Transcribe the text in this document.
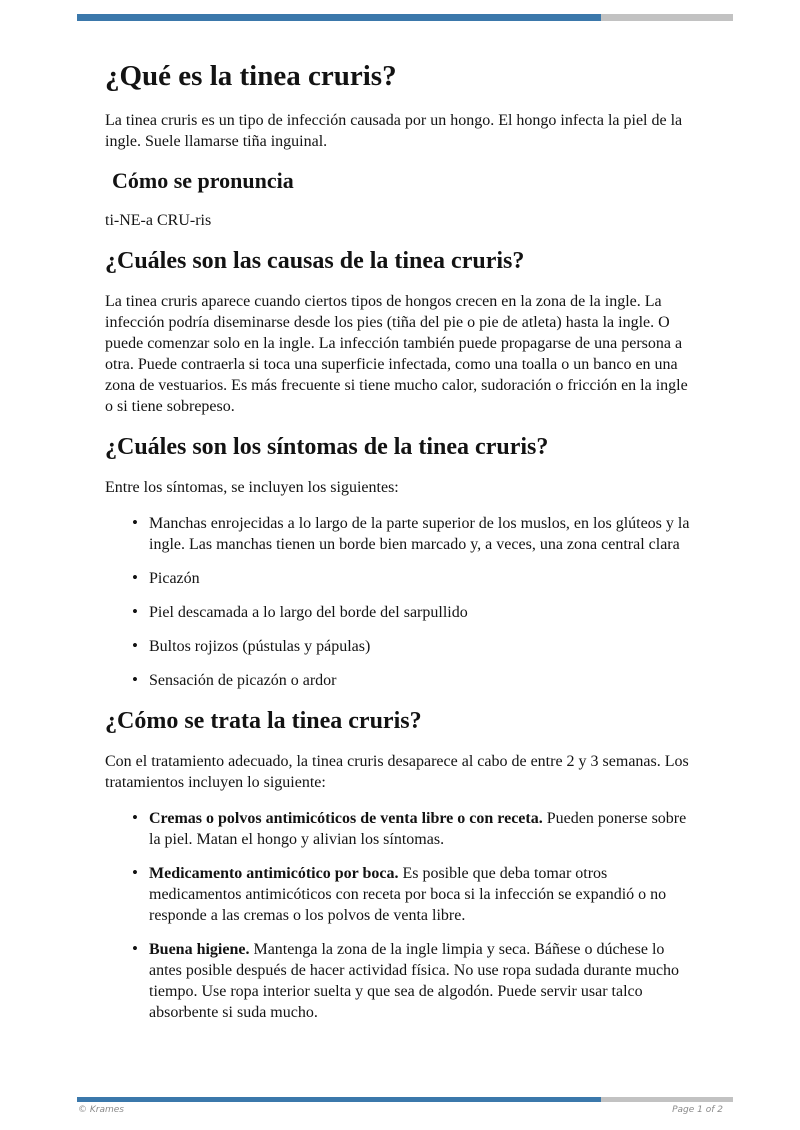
¿Qué es la tinea cruris?

La tinea cruris es un tipo de infección causada por un hongo. El hongo infecta la piel de la ingle. Suele llamarse tiña inguinal.

Cómo se pronuncia

ti-NE-a CRU-ris

¿Cuáles son las causas de la tinea cruris?

La tinea cruris aparece cuando ciertos tipos de hongos crecen en la zona de la ingle. La infección podría diseminarse desde los pies (tiña del pie o pie de atleta) hasta la ingle. O puede comenzar solo en la ingle. La infección también puede propagarse de una persona a otra. Puede contraerla si toca una superficie infectada, como una toalla o un banco en una zona de vestuarios. Es más frecuente si tiene mucho calor, sudoración o fricción en la ingle o si tiene sobrepeso.

¿Cuáles son los síntomas de la tinea cruris?

Entre los síntomas, se incluyen los siguientes:

• Manchas enrojecidas a lo largo de la parte superior de los muslos, en los glúteos y la ingle. Las manchas tienen un borde bien marcado y, a veces, una zona central clara
• Picazón
• Piel descamada a lo largo del borde del sarpullido
• Bultos rojizos (pústulas y pápulas)
• Sensación de picazón o ardor
¿Cómo se trata la tinea cruris?

Con el tratamiento adecuado, la tinea cruris desaparece al cabo de entre 2 y 3 semanas. Los tratamientos incluyen lo siguiente:

• Cremas o polvos antimicóticos de venta libre o con receta. Pueden ponerse sobre la piel. Matan el hongo y alivian los síntomas.
• Medicamento antimicótico por boca. Es posible que deba tomar otros medicamentos antimicóticos con receta por boca si la infección se expandió o no responde a las cremas o los polvos de venta libre.
• Buena higiene. Mantenga la zona de la ingle limpia y seca. Báñese o dúchese lo antes posible después de hacer actividad física. No use ropa sudada durante mucho tiempo. Use ropa interior suelta y que sea de algodón. Puede servir usar talco absorbente si suda mucho.
© Krames	Page 1 of 2
